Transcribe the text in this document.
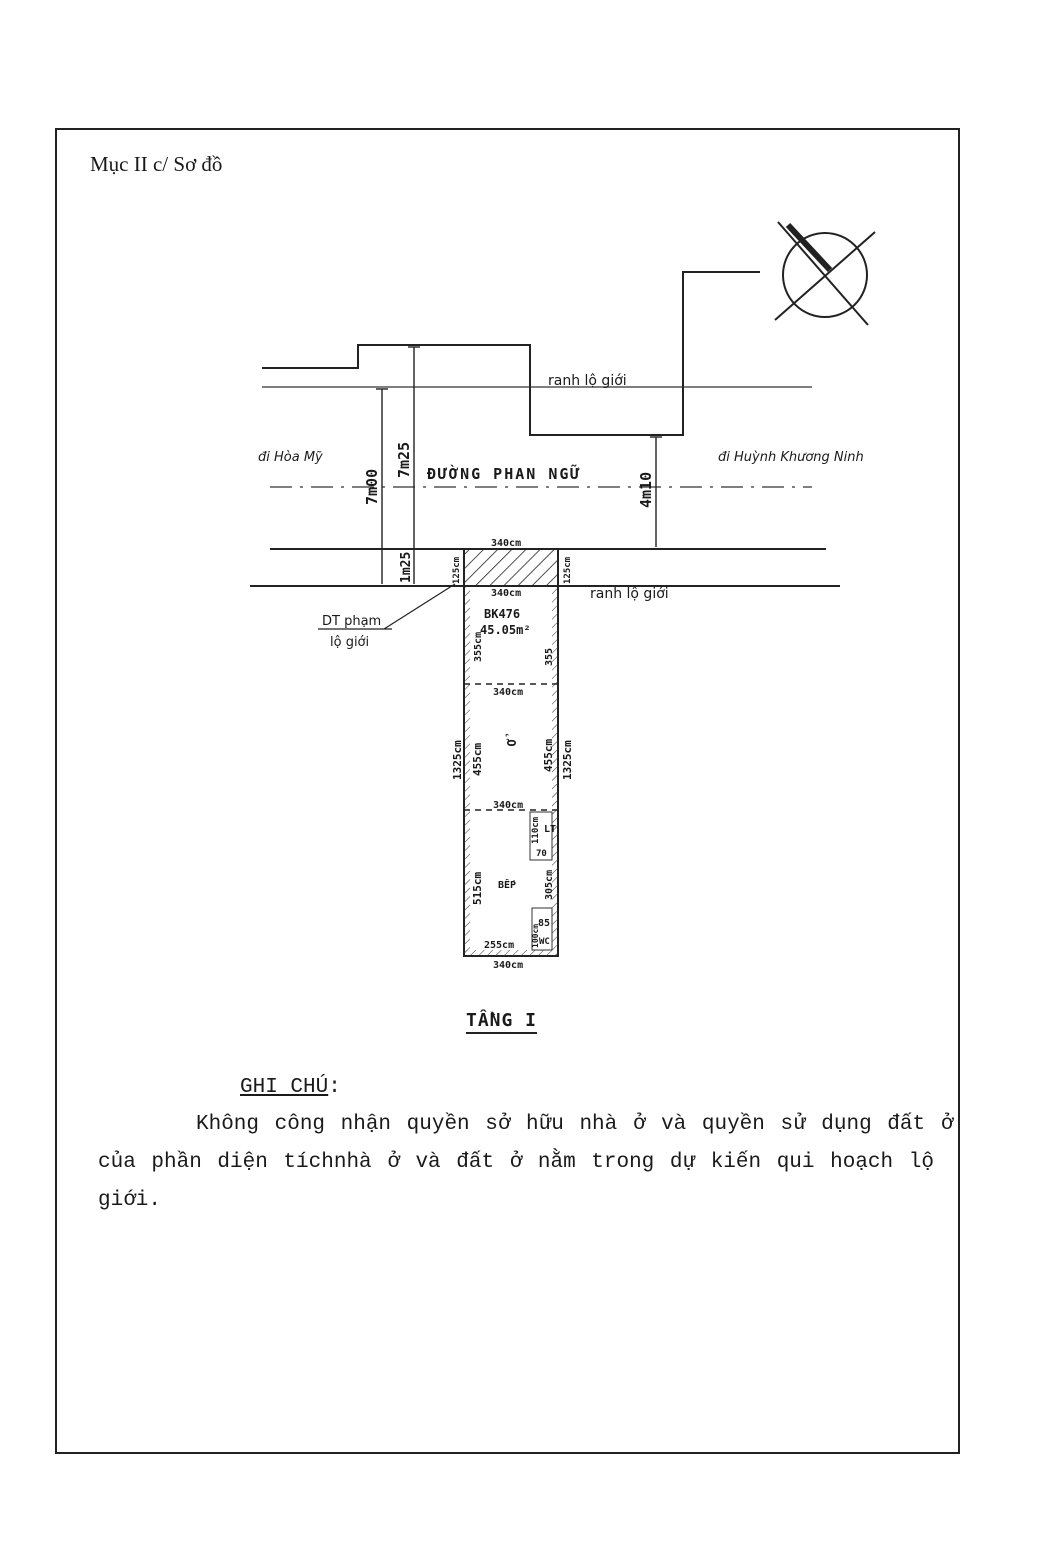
Mục II c/ Sơ đồ
ranh lộ giới
đi Hòa Mỹ	đi Huỳnh Khương Ninh
ĐƯỜNG PHAN NGỮ
7m00
7m25
1m25
4m10
340cm
340cm
125cm	125cm
ranh lộ giới
DT phạm
lộ giới
BK476
45.05m²
355cm	355
340cm
455cm	455cm
Ở
1325cm	1325cm
340cm
110cm LT
70
515cm BẾP	305cm
85
100cm WC
255cm
340cm
TẦNG I
GHI CHÚ:

Không công nhận quyền sở hữu nhà ở và quyền sử dụng đất ở của phần diện tíchnhà ở và đất ở nằm trong dự kiến qui hoạch lộ giới.
